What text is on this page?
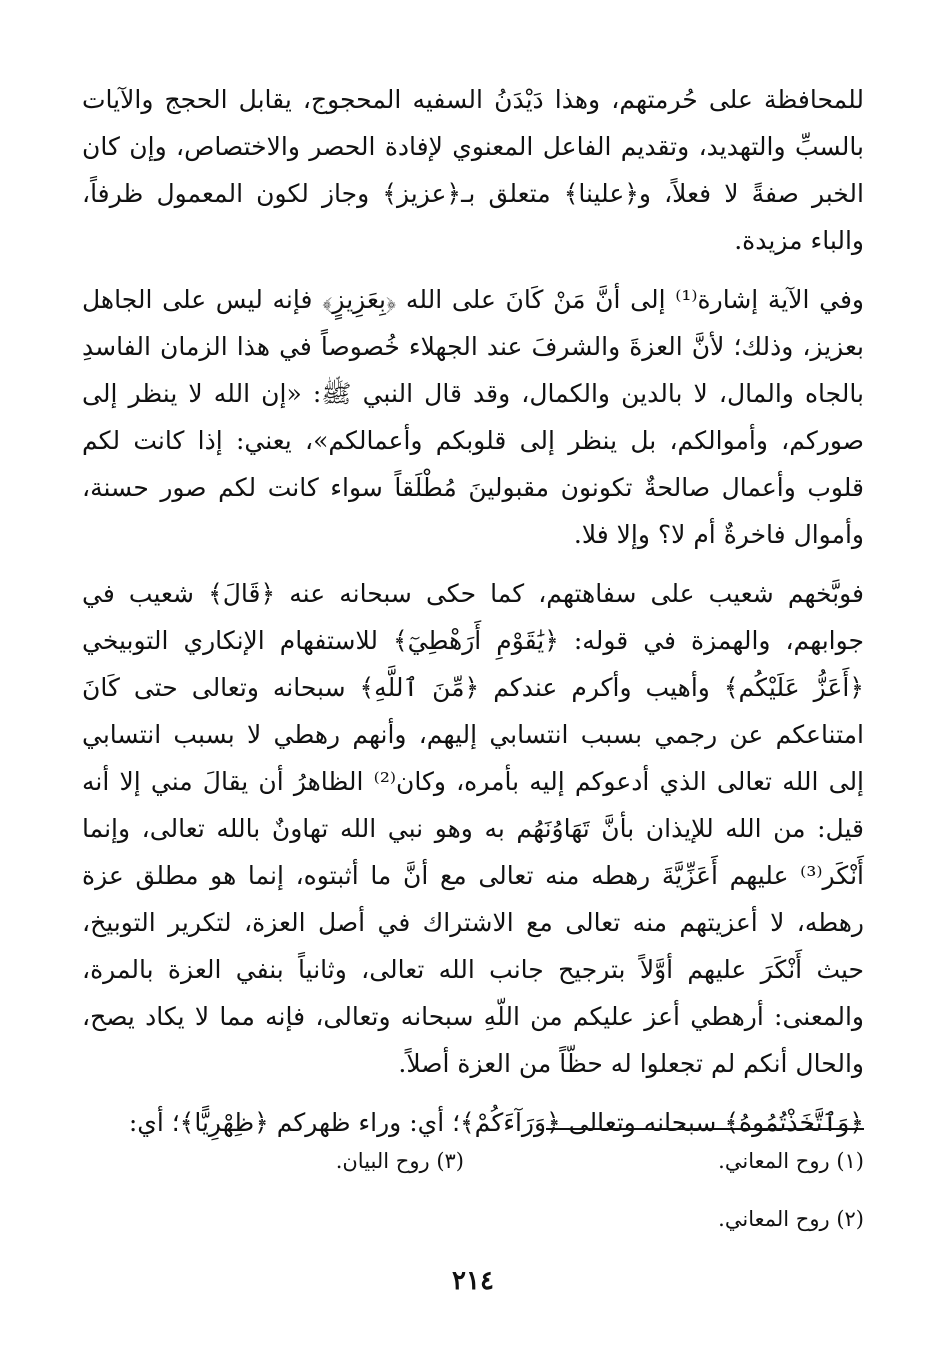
للمحافظة على حُرمتهم، وهذا دَيْدَنُ السفيه المحجوج، يقابل الحجج والآيات بالسبِّ والتهديد، وتقديم الفاعل المعنوي لإفادة الحصر والاختصاص، وإن كان الخبر صفةً لا فعلاً، و﴿علينا﴾ متعلق بـ﴿عزيز﴾ وجاز لكون المعمول ظرفاً، والباء مزيدة.

وفي الآية إشارة⁽¹⁾ إلى أنَّ مَنْ كَانَ على الله ﴿بِعَزِيزٍ﴾ فإنه ليس على الجاهل بعزيز، وذلك؛ لأنَّ العزةَ والشرفَ عند الجهلاء خُصوصاً في هذا الزمان الفاسدِ بالجاه والمال، لا بالدين والكمال، وقد قال النبي ﷺ: «إن الله لا ينظر إلى صوركم، وأموالكم، بل ينظر إلى قلوبكم وأعمالكم»، يعني: إذا كانت لكم قلوب وأعمال صالحةٌ تكونون مقبولينَ مُطْلَقاً سواء كانت لكم صور حسنة، وأموال فاخرةٌ أم لا؟ وإلا فلا.

فوبَّخهم شعيب على سفاهتهم، كما حكى سبحانه عنه ﴿قَالَ﴾ شعيب في جوابهم، والهمزة في قوله: ﴿يَٰقَوْمِ أَرَهْطِيٓ﴾ للاستفهام الإنكاري التوبيخي ﴿أَعَزُّ عَلَيْكُم﴾ وأهيب وأكرم عندكم ﴿مِّنَ ٱللَّهِ﴾ سبحانه وتعالى حتى كَانَ امتناعكم عن رجمي بسبب انتسابي إليهم، وأنهم رهطي لا بسبب انتسابي إلى الله تعالى الذي أدعوكم إليه بأمره، وكان⁽²⁾ الظاهرُ أن يقالَ مني إلا أنه قيل: من الله للإيذان بأنَّ تَهَاوُنَهُم به وهو نبي الله تهاونٌ بالله تعالى، وإنما أَنْكَر⁽³⁾ عليهم أَعَزِّيَّةَ رهطه منه تعالى مع أنَّ ما أثبتوه، إنما هو مطلق عزة رهطه، لا أعزيتهم منه تعالى مع الاشتراك في أصل العزة، لتكرير التوبيخ، حيث أَنْكَرَ عليهم أوَّلاً بترجيح جانب الله تعالى، وثانياً بنفي العزة بالمرة، والمعنى: أرهطي أعز عليكم من اللّهِ سبحانه وتعالى، فإنه مما لا يكاد يصح، والحال أنكم لم تجعلوا له حظّاً من العزة أصلاً.

﴿وَٱتَّخَذْتُمُوهُ﴾ سبحانه وتعالى ﴿وَرَآءَكُمْ﴾؛ أي: وراء ظهركم ﴿ظِهْرِيًّا﴾؛ أي:

(١) روح المعاني.
(٣) روح البيان.
(٢) روح المعاني.
٢١٤
